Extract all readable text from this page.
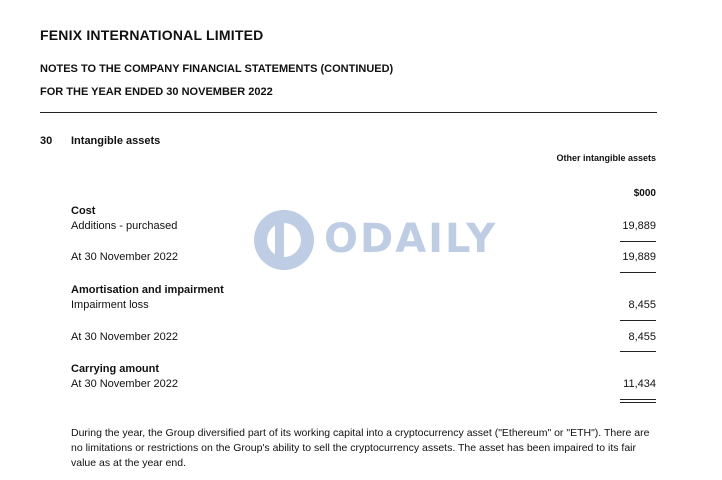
FENIX INTERNATIONAL LIMITED
NOTES TO THE COMPANY FINANCIAL STATEMENTS (CONTINUED)
FOR THE YEAR ENDED 30 NOVEMBER 2022
30 Intangible assets
Other intangible assets
$000
Cost
Additions - purchased	19,889
At 30 November 2022	19,889
Amortisation and impairment
Impairment loss	8,455
At 30 November 2022	8,455
Carrying amount
At 30 November 2022	11,434
During the year, the Group diversified part of its working capital into a cryptocurrency asset ("Ethereum" or "ETH"). There are no limitations or restrictions on the Group's ability to sell the cryptocurrency assets. The asset has been impaired to its fair value as at the year end.
ODAILY
